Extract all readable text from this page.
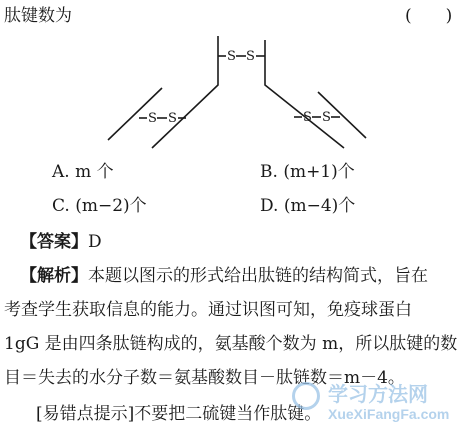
肽键数为	(　　)
S S
S S	S S
A. m 个	B. (m+1)个
C. (m−2)个	D. (m−4)个
【答案】D
【解析】本题以图示的形式给出肽链的结构简式，旨在
考查学生获取信息的能力。通过识图可知，免疫球蛋白
1gG 是由四条肽链构成的，氨基酸个数为 m，所以肽键的数
目＝失去的水分子数＝氨基酸数目－肽链数＝m－4。
[易错点提示]不要把二硫键当作肽键。
学习方法网
XueXiFangFa.com
